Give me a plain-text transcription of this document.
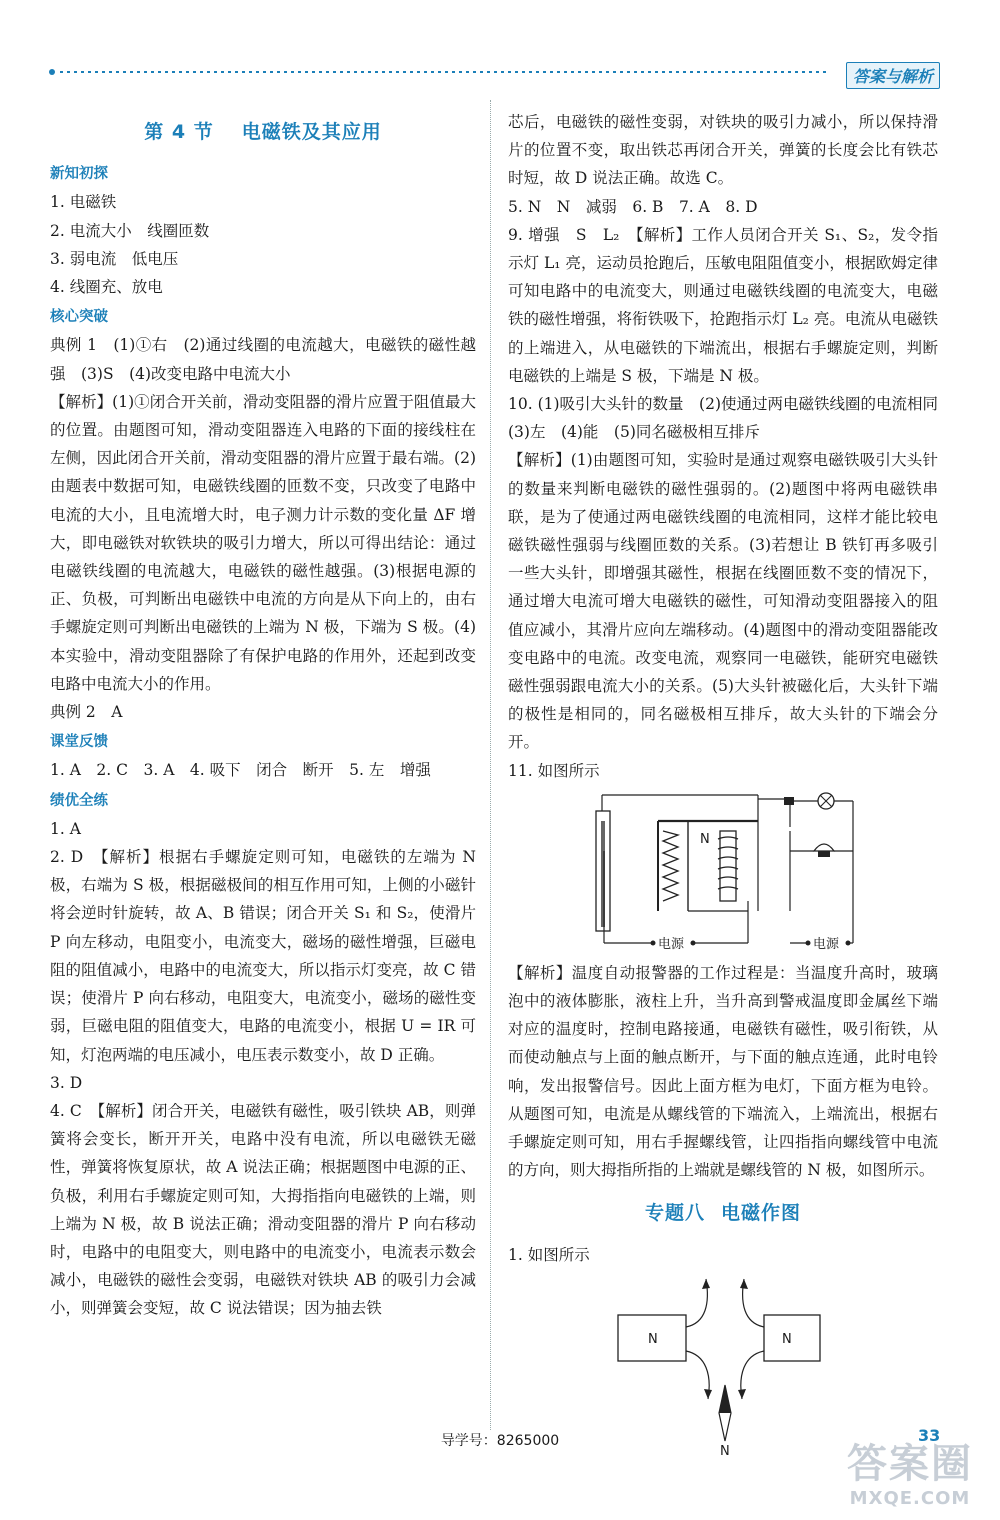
答案与解析
第 4 节 电磁铁及其应用
新知初探

1. 电磁铁

2. 电流大小　线圈匝数

3. 弱电流　低电压

4. 线圈充、放电

核心突破

典例 1　(1)①右　(2)通过线圈的电流越大，电磁铁的磁性越强　(3)S　(4)改变电路中电流大小

【解析】(1)①闭合开关前，滑动变阻器的滑片应置于阻值最大的位置。由题图可知，滑动变阻器连入电路的下面的接线柱在左侧，因此闭合开关前，滑动变阻器的滑片应置于最右端。(2)由题表中数据可知，电磁铁线圈的匝数不变，只改变了电路中电流的大小，且电流增大时，电子测力计示数的变化量 ΔF 增大，即电磁铁对软铁块的吸引力增大，所以可得出结论：通过电磁铁线圈的电流越大，电磁铁的磁性越强。(3)根据电源的正、负极，可判断出电磁铁中电流的方向是从下向上的，由右手螺旋定则可判断出电磁铁的上端为 N 极，下端为 S 极。(4)本实验中，滑动变阻器除了有保护电路的作用外，还起到改变电路中电流大小的作用。

典例 2　A

课堂反馈

1. A　2. C　3. A　4. 吸下　闭合　断开　5. 左　增强

绩优全练

1. A

2. D　【解析】根据右手螺旋定则可知，电磁铁的左端为 N 极，右端为 S 极，根据磁极间的相互作用可知，上侧的小磁针将会逆时针旋转，故 A、B 错误；闭合开关 S₁ 和 S₂，使滑片 P 向左移动，电阻变小，电流变大，磁场的磁性增强，巨磁电阻的阻值减小，电路中的电流变大，所以指示灯变亮，故 C 错误；使滑片 P 向右移动，电阻变大，电流变小，磁场的磁性变弱，巨磁电阻的阻值变大，电路的电流变小，根据 U = IR 可知，灯泡两端的电压减小，电压表示数变小，故 D 正确。

3. D

4. C　【解析】闭合开关，电磁铁有磁性，吸引铁块 AB，则弹簧将会变长，断开开关，电路中没有电流，所以电磁铁无磁性，弹簧将恢复原状，故 A 说法正确；根据题图中电源的正、负极，利用右手螺旋定则可知，大拇指指向电磁铁的上端，则上端为 N 极，故 B 说法正确；滑动变阻器的滑片 P 向右移动时，电路中的电阻变大，则电路中的电流变小，电流表示数会减小，电磁铁的磁性会变弱，电磁铁对铁块 AB 的吸引力会减小，则弹簧会变短，故 C 说法错误；因为抽去铁

芯后，电磁铁的磁性变弱，对铁块的吸引力减小，所以保持滑片的位置不变，取出铁芯再闭合开关，弹簧的长度会比有铁芯时短，故 D 说法正确。故选 C。

5. N　N　减弱　6. B　7. A　8. D

9. 增强　S　L₂　【解析】工作人员闭合开关 S₁、S₂，发令指示灯 L₁ 亮，运动员抢跑后，压敏电阻阻值变小，根据欧姆定律可知电路中的电流变大，则通过电磁铁线圈的电流变大，电磁铁的磁性增强，将衔铁吸下，抢跑指示灯 L₂ 亮。电流从电磁铁的上端进入，从电磁铁的下端流出，根据右手螺旋定则，判断电磁铁的上端是 S 极，下端是 N 极。

10. (1)吸引大头针的数量　(2)使通过两电磁铁线圈的电流相同　(3)左　(4)能　(5)同名磁极相互排斥

【解析】(1)由题图可知，实验时是通过观察电磁铁吸引大头针的数量来判断电磁铁的磁性强弱的。(2)题图中将两电磁铁串联，是为了使通过两电磁铁线圈的电流相同，这样才能比较电磁铁磁性强弱与线圈匝数的关系。(3)若想让 B 铁钉再多吸引一些大头针，即增强其磁性，根据在线圈匝数不变的情况下，通过增大电流可增大电磁铁的磁性，可知滑动变阻器接入的阻值应减小，其滑片应向左端移动。(4)题图中的滑动变阻器能改变电路中的电流。改变电流，观察同一电磁铁，能研究电磁铁磁性强弱跟电流大小的关系。(5)大头针被磁化后，大头针下端的极性是相同的，同名磁极相互排斥，故大头针的下端会分开。

11. 如图所示

N
电源	电源

【解析】温度自动报警器的工作过程是：当温度升高时，玻璃泡中的液体膨胀，液柱上升，当升高到警戒温度即金属丝下端对应的温度时，控制电路接通，电磁铁有磁性，吸引衔铁，从而使动触点与上面的触点断开，与下面的触点连通，此时电铃响，发出报警信号。因此上面方框为电灯，下面方框为电铃。从题图可知，电流是从螺线管的下端流入，上端流出，根据右手螺旋定则可知，用右手握螺线管，让四指指向螺线管中电流的方向，则大拇指所指的上端就是螺线管的 N 极，如图所示。

专题八 电磁作图

1. 如图所示

N	N
N
导学号：8265000	33
答案圈
MXQE.COM
